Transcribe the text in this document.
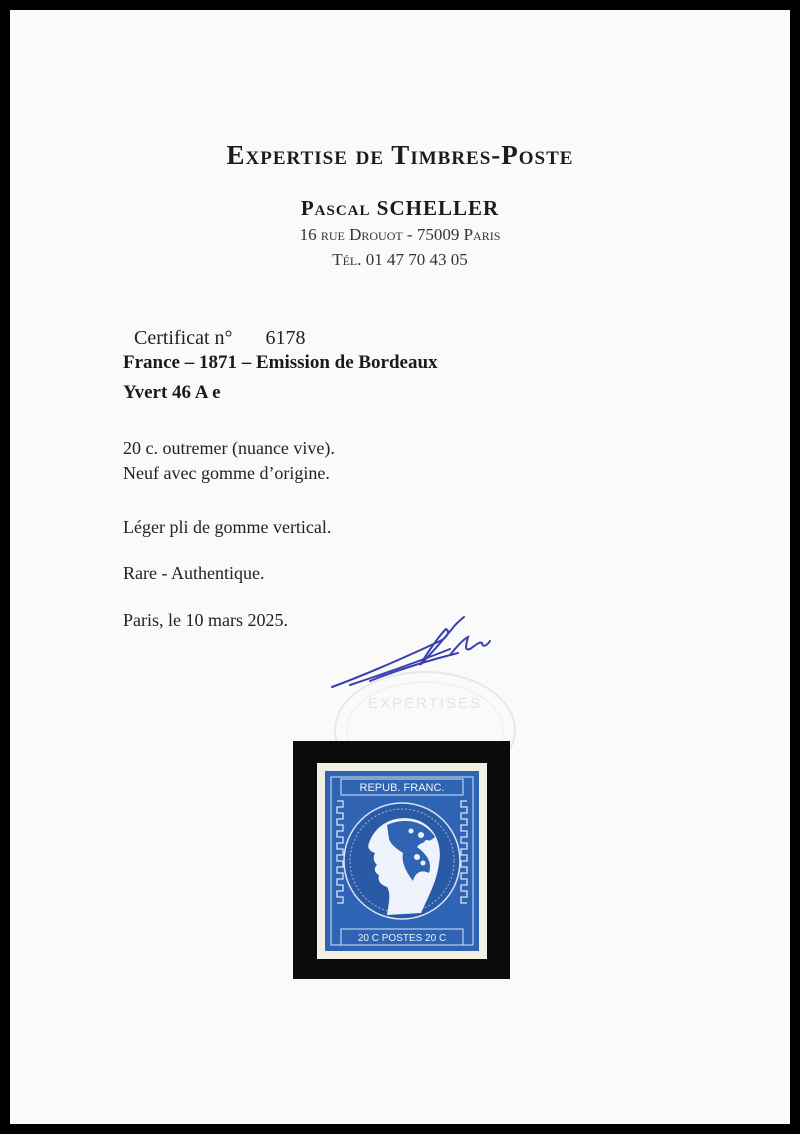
Expertise de Timbres-Poste
Pascal SCHELLER
16 rue Drouot - 75009 Paris
Tél. 01 47 70 43 05
Certificat n° 6178
France – 1871 – Emission de Bordeaux
Yvert 46 A e
20 c. outremer (nuance vive).
Neuf avec gomme d’origine.
Léger pli de gomme vertical.
Rare - Authentique.
Paris, le 10 mars 2025.
EXPERTISES
REPUB. FRANC.
20 C POSTES 20 C
